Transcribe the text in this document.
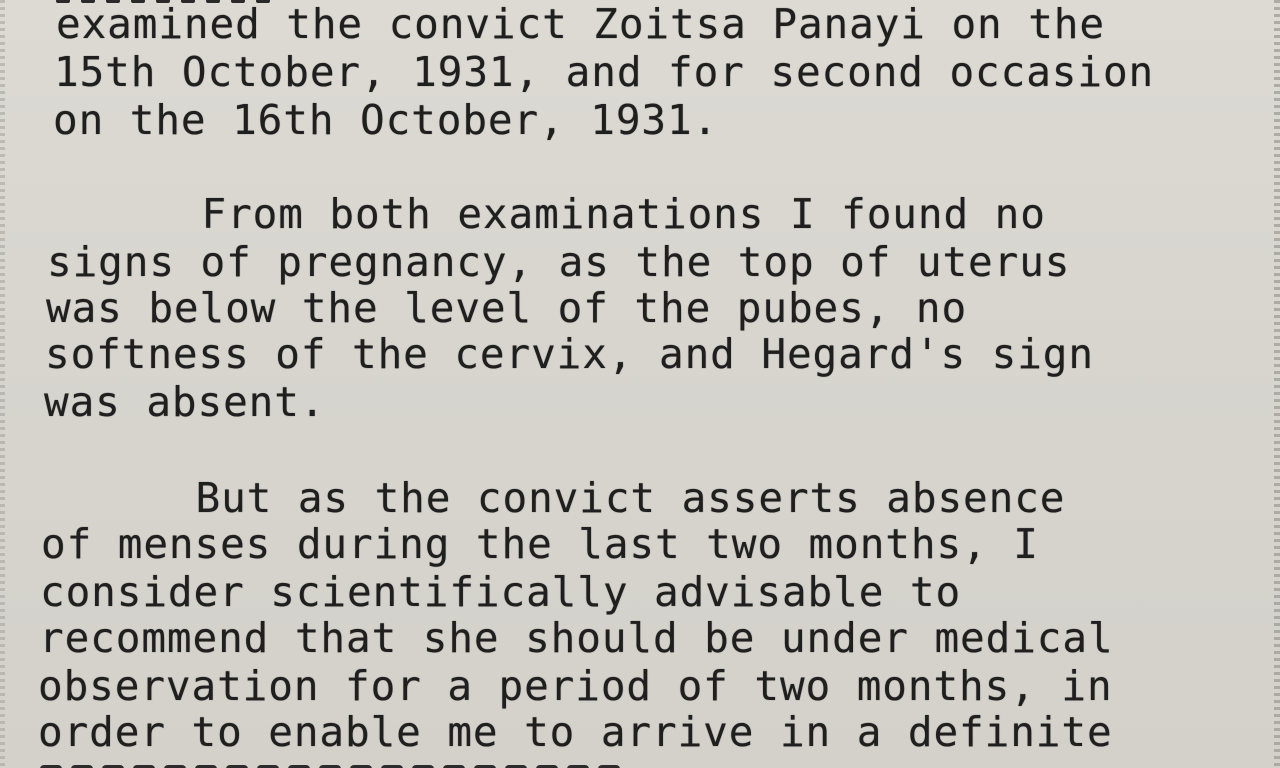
examined the convict Zoitsa Panayi on the
15th October, 1931, and for second occasion
on the 16th October, 1931.
From both examinations I found no
signs of pregnancy, as the top of uterus
was below the level of the pubes, no
softness of the cervix, and Hegard's sign
was absent.
But as the convict asserts absence
of menses during the last two months, I
consider scientifically advisable to
recommend that she should be under medical
observation for a period of two months, in
order to enable me to arrive in a definite
